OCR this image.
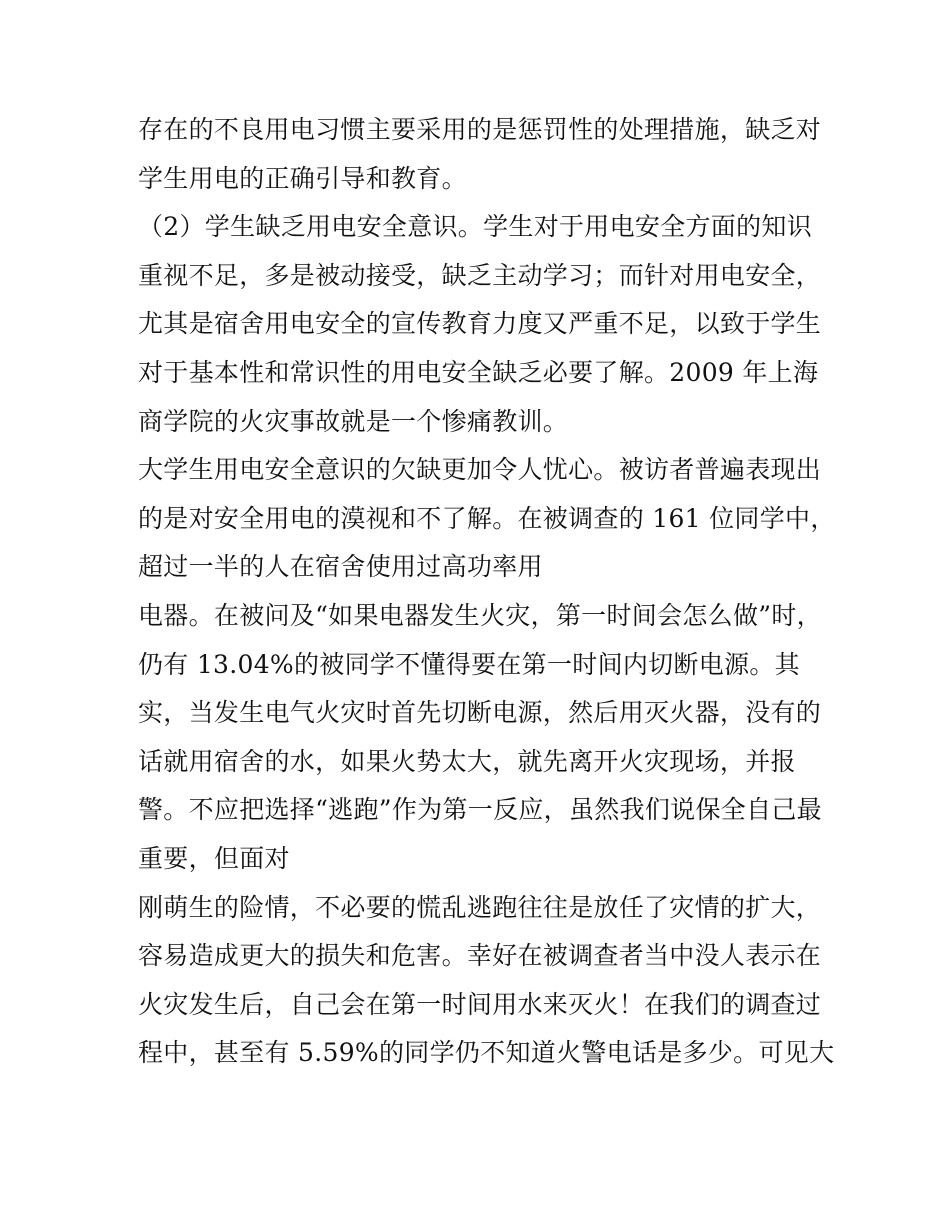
存在的不良用电习惯主要采用的是惩罚性的处理措施，缺乏对
学生用电的正确引导和教育。
（2）学生缺乏用电安全意识。学生对于用电安全方面的知识
重视不足，多是被动接受，缺乏主动学习；而针对用电安全，
尤其是宿舍用电安全的宣传教育力度又严重不足，以致于学生
对于基本性和常识性的用电安全缺乏必要了解。2009 年上海
商学院的火灾事故就是一个惨痛教训。
大学生用电安全意识的欠缺更加令人忧心。被访者普遍表现出
的是对安全用电的漠视和不了解。在被调查的 161 位同学中，
超过一半的人在宿舍使用过高功率用
电器。在被问及“如果电器发生火灾，第一时间会怎么做”时，
仍有 13.04%的被同学不懂得要在第一时间内切断电源。其
实，当发生电气火灾时首先切断电源，然后用灭火器，没有的
话就用宿舍的水，如果火势太大，就先离开火灾现场，并报
警。不应把选择“逃跑”作为第一反应，虽然我们说保全自己最
重要，但面对
刚萌生的险情，不必要的慌乱逃跑往往是放任了灾情的扩大，
容易造成更大的损失和危害。幸好在被调查者当中没人表示在
火灾发生后，自己会在第一时间用水来灭火！在我们的调查过
程中，甚至有 5.59%的同学仍不知道火警电话是多少。可见大
